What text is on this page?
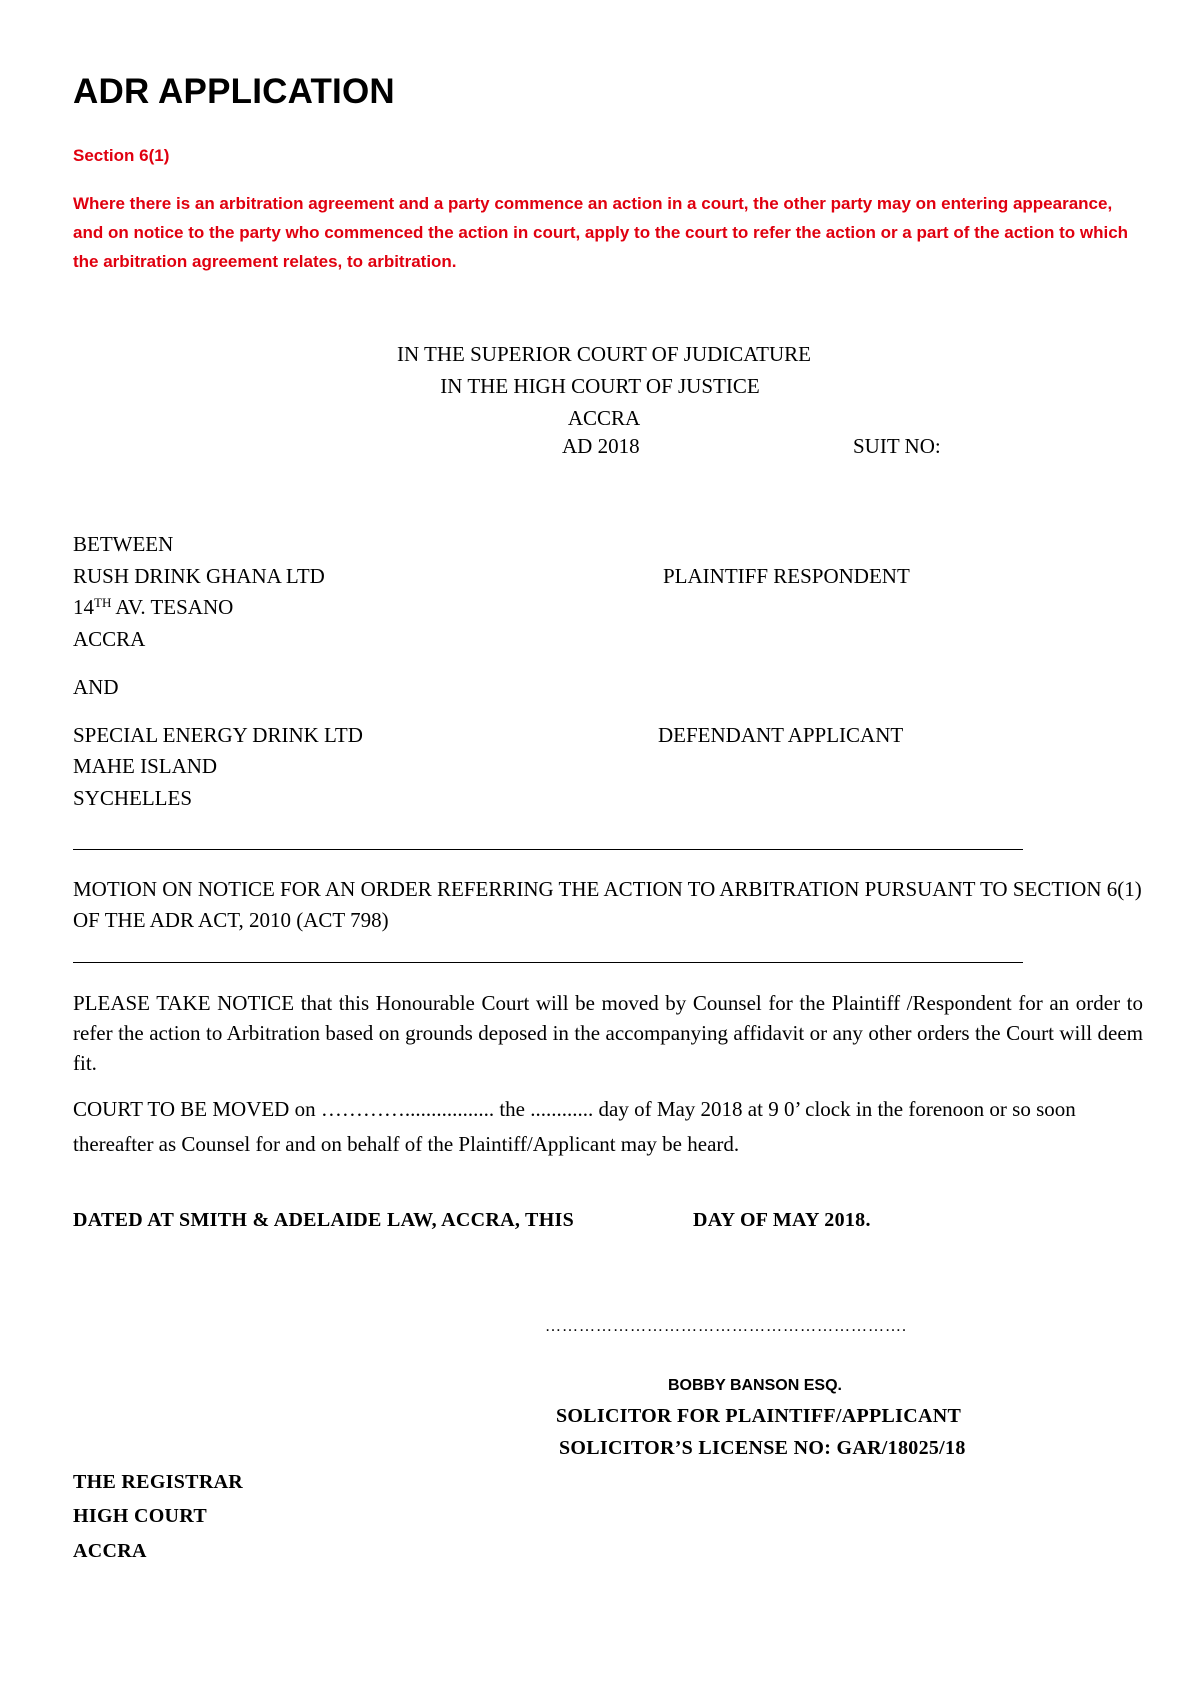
ADR APPLICATION
Section 6(1)

Where there is an arbitration agreement and a party commence an action in a court, the other party may on entering appearance, and on notice to the party who commenced the action in court, apply to the court to refer the action or a part of the action to which the arbitration agreement relates, to arbitration.

IN THE SUPERIOR COURT OF JUDICATURE
IN THE HIGH COURT OF JUSTICE
ACCRA
AD 2018	SUIT NO:
BETWEEN
RUSH DRINK GHANA LTD	PLAINTIFF RESPONDENT
14TH AV. TESANO
ACCRA
AND
SPECIAL ENERGY DRINK LTD	DEFENDANT APPLICANT
MAHE ISLAND
SYCHELLES

MOTION ON NOTICE FOR AN ORDER REFERRING THE ACTION TO ARBITRATION PURSUANT TO SECTION 6(1) OF THE ADR ACT, 2010 (ACT 798)

PLEASE TAKE NOTICE that this Honourable Court will be moved by Counsel for the Plaintiff /Respondent for an order to refer the action to Arbitration based on grounds deposed in the accompanying affidavit or any other orders the Court will deem fit.

COURT TO BE MOVED on …………................. the ............ day of May 2018 at 9 0’ clock in the forenoon or so soon thereafter as Counsel for and on behalf of the Plaintiff/Applicant may be heard.

DATED AT SMITH & ADELAIDE LAW, ACCRA, THIS	DAY OF MAY 2018.
……………………………………………………….
BOBBY BANSON ESQ.
SOLICITOR FOR PLAINTIFF/APPLICANT
SOLICITOR’S LICENSE NO: GAR/18025/18
THE REGISTRAR
HIGH COURT
ACCRA
